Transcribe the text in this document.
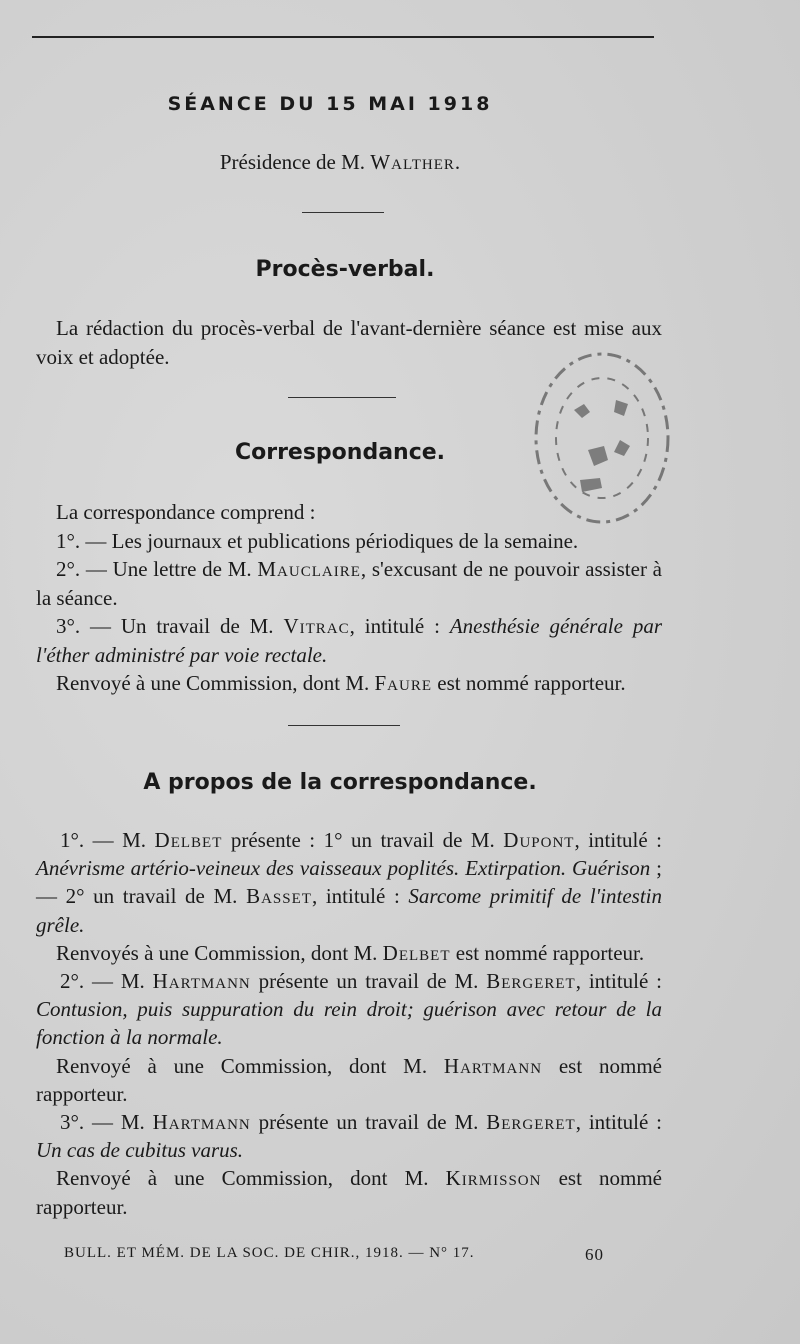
SÉANCE DU 15 MAI 1918
Présidence de M. Walther.
Procès-verbal.

La rédaction du procès-verbal de l'avant-dernière séance est mise aux voix et adoptée.

Correspondance.

La correspondance comprend :

1°. — Les journaux et publications périodiques de la semaine.

2°. — Une lettre de M. Mauclaire, s'excusant de ne pouvoir assister à la séance.

3°. — Un travail de M. Vitrac, intitulé : Anesthésie générale par l'éther administré par voie rectale.

Renvoyé à une Commission, dont M. Faure est nommé rapporteur.

A propos de la correspondance.

1°. — M. Delbet présente : 1° un travail de M. Dupont, intitulé : Anévrisme artério-veineux des vaisseaux poplités. Extirpation. Guérison ; — 2° un travail de M. Basset, intitulé : Sarcome primitif de l'intestin grêle.

Renvoyés à une Commission, dont M. Delbet est nommé rapporteur.

2°. — M. Hartmann présente un travail de M. Bergeret, intitulé : Contusion, puis suppuration du rein droit; guérison avec retour de la fonction à la normale.

Renvoyé à une Commission, dont M. Hartmann est nommé rapporteur.

3°. — M. Hartmann présente un travail de M. Bergeret, intitulé : Un cas de cubitus varus.

Renvoyé à une Commission, dont M. Kirmisson est nommé rapporteur.

BULL. ET MÉM. DE LA SOC. DE CHIR., 1918. — N° 17.	60
